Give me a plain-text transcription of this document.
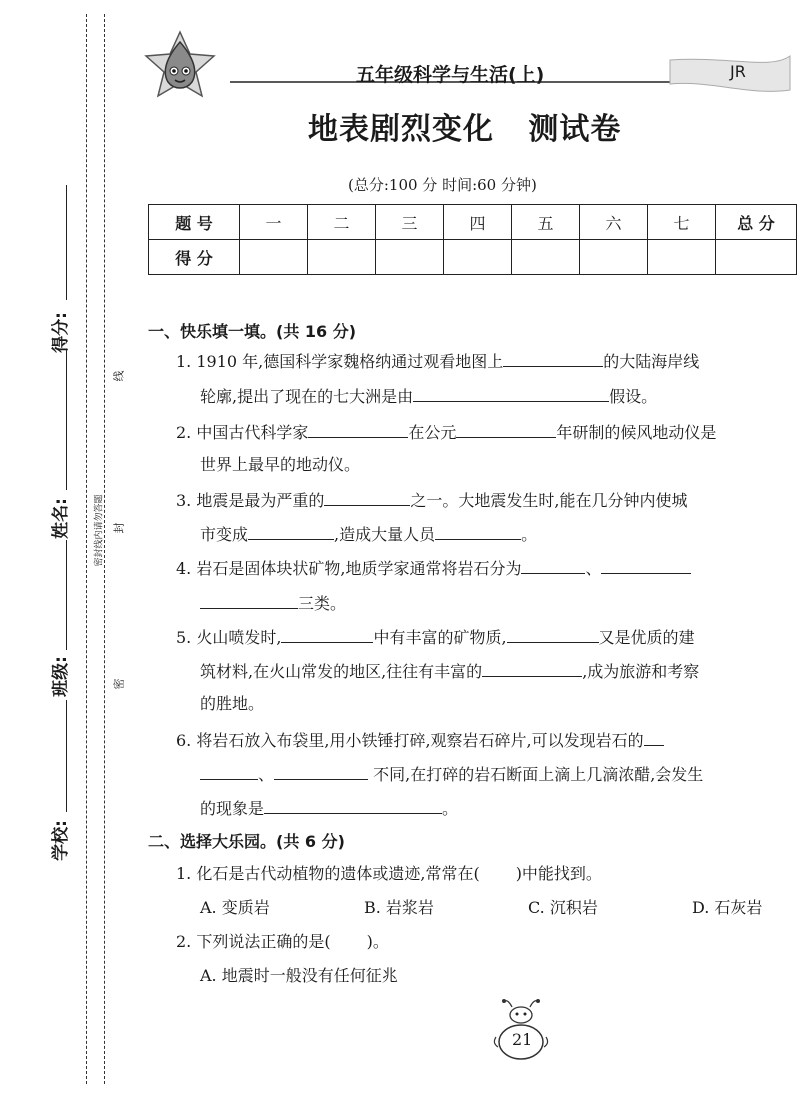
得分:
姓名:
班级:
学校:
密封线内请勿答题
线
封
密
五年级科学与生活(上)	JR
地表剧烈变化   测试卷
(总分:100 分 时间:60 分钟)
题 号	一	二	三	四	五	六	七	总 分
得 分								
一、快乐填一填。(共 16 分)
1. 1910 年,德国科学家魏格纳通过观看地图上	的大陆海岸线
轮廓,提出了现在的七大洲是由	假设。
2. 中国古代科学家	在公元	年研制的候风地动仪是
世界上最早的地动仪。
3. 地震是最为严重的	之一。大地震发生时,能在几分钟内使城
市变成	,造成大量人员	。
4. 岩石是固体块状矿物,地质学家通常将岩石分为	、
三类。
5. 火山喷发时,	中有丰富的矿物质,	又是优质的建
筑材料,在火山常发的地区,往往有丰富的	,成为旅游和考察
的胜地。
6. 将岩石放入布袋里,用小铁锤打碎,观察岩石碎片,可以发现岩石的
、	不同,在打碎的岩石断面上滴上几滴浓醋,会发生
的现象是	。
二、选择大乐园。(共 6 分)
1. 化石是古代动植物的遗体或遗迹,常常在( )中能找到。
A. 变质岩	B. 岩浆岩	C. 沉积岩	D. 石灰岩
2. 下列说法正确的是( )。
A. 地震时一般没有任何征兆
21
